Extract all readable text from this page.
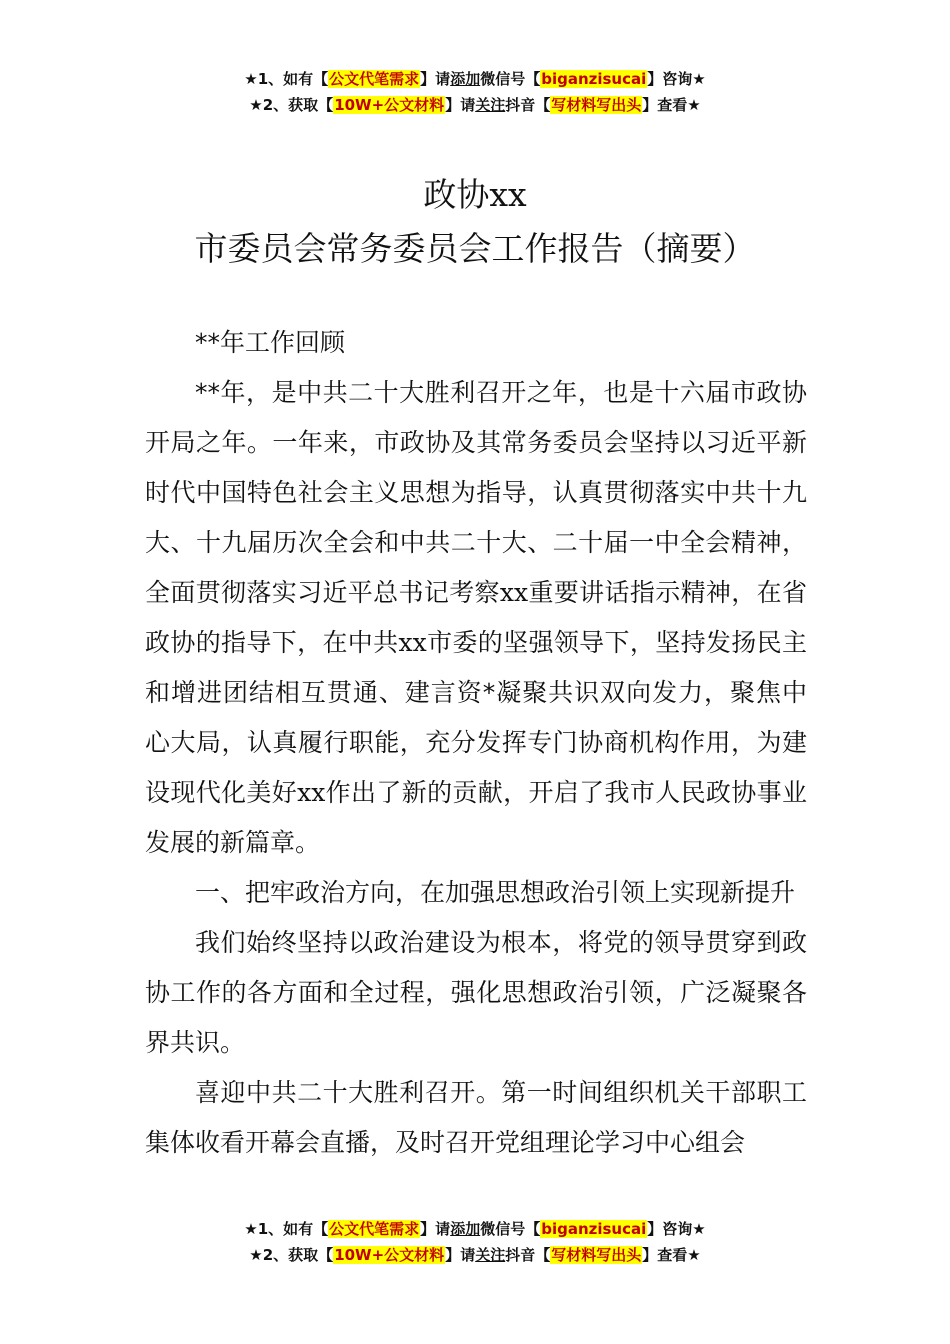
★1、如有【公文代笔需求】请添加微信号【biganzisucai】咨询★
★2、获取【10W+公文材料】请关注抖音【写材料写出头】查看★
政协xx市委员会常务委员会工作报告（摘要）

**年工作回顾

**年，是中共二十大胜利召开之年，也是十六届市政协开局之年。一年来，市政协及其常务委员会坚持以习近平新时代中国特色社会主义思想为指导，认真贯彻落实中共十九大、十九届历次全会和中共二十大、二十届一中全会精神，全面贯彻落实习近平总书记考察xx重要讲话指示精神，在省政协的指导下，在中共xx市委的坚强领导下，坚持发扬民主和增进团结相互贯通、建言资*凝聚共识双向发力，聚焦中心大局，认真履行职能，充分发挥专门协商机构作用，为建设现代化美好xx作出了新的贡献，开启了我市人民政协事业发展的新篇章。

一、把牢政治方向，在加强思想政治引领上实现新提升

我们始终坚持以政治建设为根本，将党的领导贯穿到政协工作的各方面和全过程，强化思想政治引领，广泛凝聚各界共识。

喜迎中共二十大胜利召开。第一时间组织机关干部职工集体收看开幕会直播，及时召开党组理论学习中心组会

★1、如有【公文代笔需求】请添加微信号【biganzisucai】咨询★
★2、获取【10W+公文材料】请关注抖音【写材料写出头】查看★
